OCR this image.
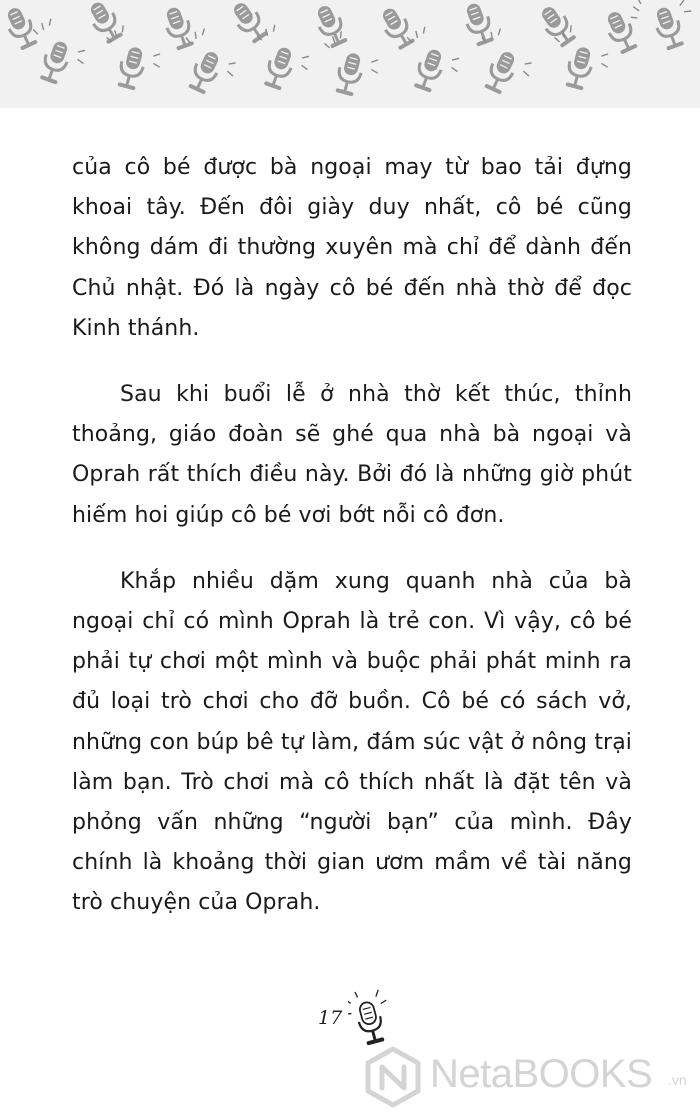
của cô bé được bà ngoại may từ bao tải đựng khoai tây. Đến đôi giày duy nhất, cô bé cũng không dám đi thường xuyên mà chỉ để dành đến Chủ nhật. Đó là ngày cô bé đến nhà thờ để đọc Kinh thánh.

Sau khi buổi lễ ở nhà thờ kết thúc, thỉnh thoảng, giáo đoàn sẽ ghé qua nhà bà ngoại và Oprah rất thích điều này. Bởi đó là những giờ phút hiếm hoi giúp cô bé vơi bớt nỗi cô đơn.

Khắp nhiều dặm xung quanh nhà của bà ngoại chỉ có mình Oprah là trẻ con. Vì vậy, cô bé phải tự chơi một mình và buộc phải phát minh ra đủ loại trò chơi cho đỡ buồn. Cô bé có sách vở, những con búp bê tự làm, đám súc vật ở nông trại làm bạn. Trò chơi mà cô thích nhất là đặt tên và phỏng vấn những “người bạn” của mình. Đây chính là khoảng thời gian ươm mầm về tài năng trò chuyện của Oprah.

17
NetaBOOKS .vn
